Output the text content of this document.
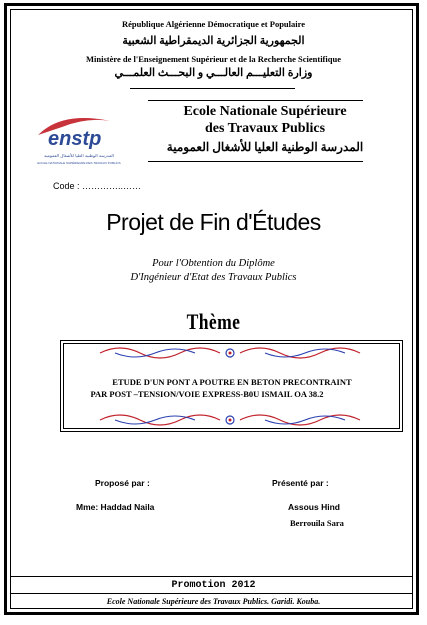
République Algérienne Démocratique et Populaire
الجمهورية الجزائرية الديمقراطية الشعبية
Ministère de l'Enseignement Supérieur et de la Recherche Scientifique
وزارة التعليـــم العالـــي و البحـــث العلمـــي
enstp
المدرسة الوطنية العليا للأشغال العمومية
ECOLE NATIONALE SUPÉRIEURE DES TRAVAUX PUBLICS
Ecole Nationale Supérieure
des Travaux Publics
المدرسة الوطنية العليا للأشغال العمومية
Code : …………..……
Projet de Fin d'Études
Pour l'Obtention du Diplôme
D'Ingénieur d'Etat des Travaux Publics
Thème
ETUDE D'UN PONT A POUTRE EN BETON PRECONTRAINT
PAR POST –TENSION/VOIE EXPRESS-B0U ISMAIL OA 38.2
Proposé par :	Présenté par :
Mme: Haddad Naila	Assous Hind
Berrouila Sara
Promotion 2012
Ecole Nationale Supérieure des Travaux Publics. Garidi. Kouba.
